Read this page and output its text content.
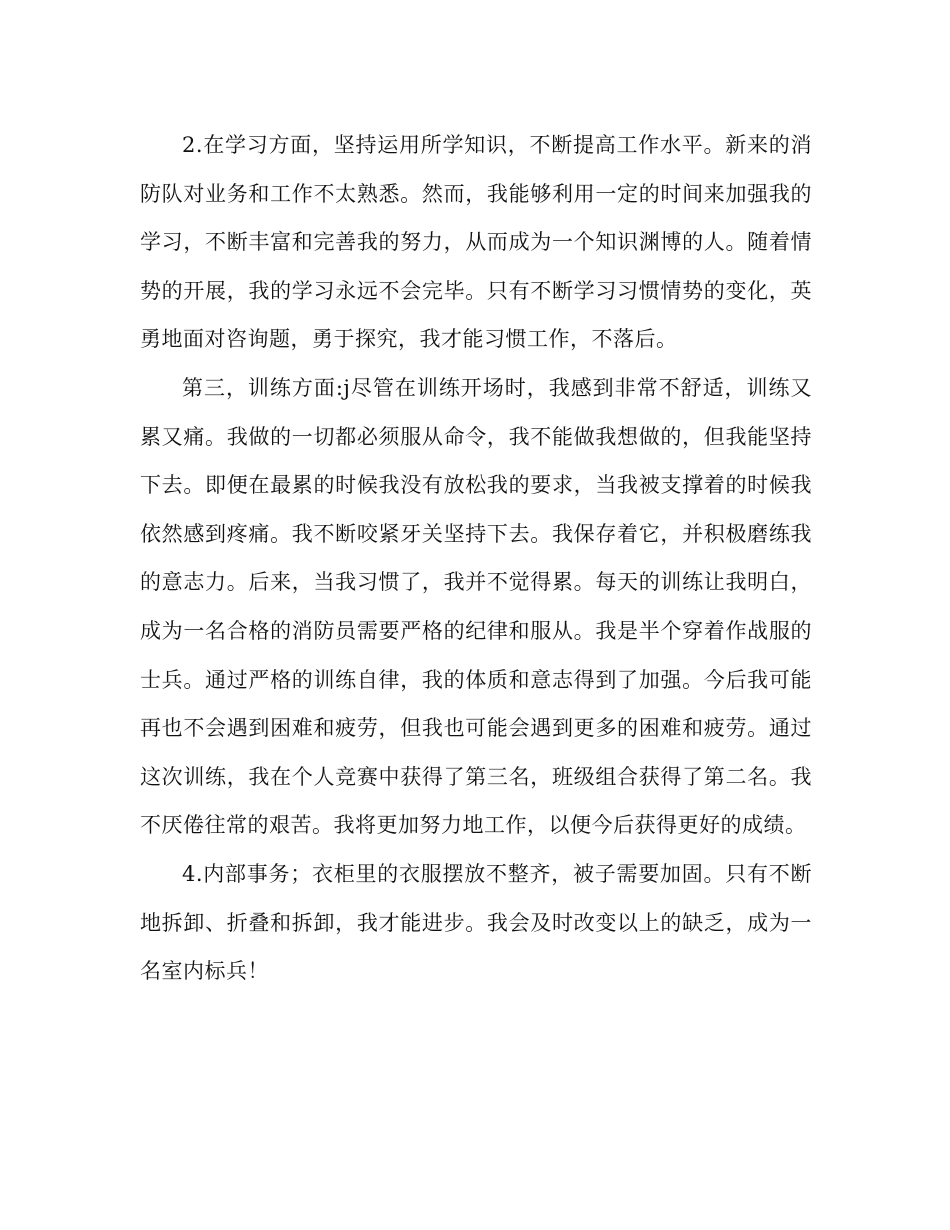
2.在学习方面，坚持运用所学知识，不断提高工作水平。新来的消防队对业务和工作不太熟悉。然而，我能够利用一定的时间来加强我的学习，不断丰富和完善我的努力，从而成为一个知识渊博的人。随着情势的开展，我的学习永远不会完毕。只有不断学习习惯情势的变化，英勇地面对咨询题，勇于探究，我才能习惯工作，不落后。

第三，训练方面:j尽管在训练开场时，我感到非常不舒适，训练又累又痛。我做的一切都必须服从命令，我不能做我想做的，但我能坚持下去。即便在最累的时候我没有放松我的要求，当我被支撑着的时候我依然感到疼痛。我不断咬紧牙关坚持下去。我保存着它，并积极磨练我的意志力。后来，当我习惯了，我并不觉得累。每天的训练让我明白，成为一名合格的消防员需要严格的纪律和服从。我是半个穿着作战服的士兵。通过严格的训练自律，我的体质和意志得到了加强。今后我可能再也不会遇到困难和疲劳，但我也可能会遇到更多的困难和疲劳。通过这次训练，我在个人竞赛中获得了第三名，班级组合获得了第二名。我不厌倦往常的艰苦。我将更加努力地工作，以便今后获得更好的成绩。

4.内部事务；衣柜里的衣服摆放不整齐，被子需要加固。只有不断地拆卸、折叠和拆卸，我才能进步。我会及时改变以上的缺乏，成为一名室内标兵！
